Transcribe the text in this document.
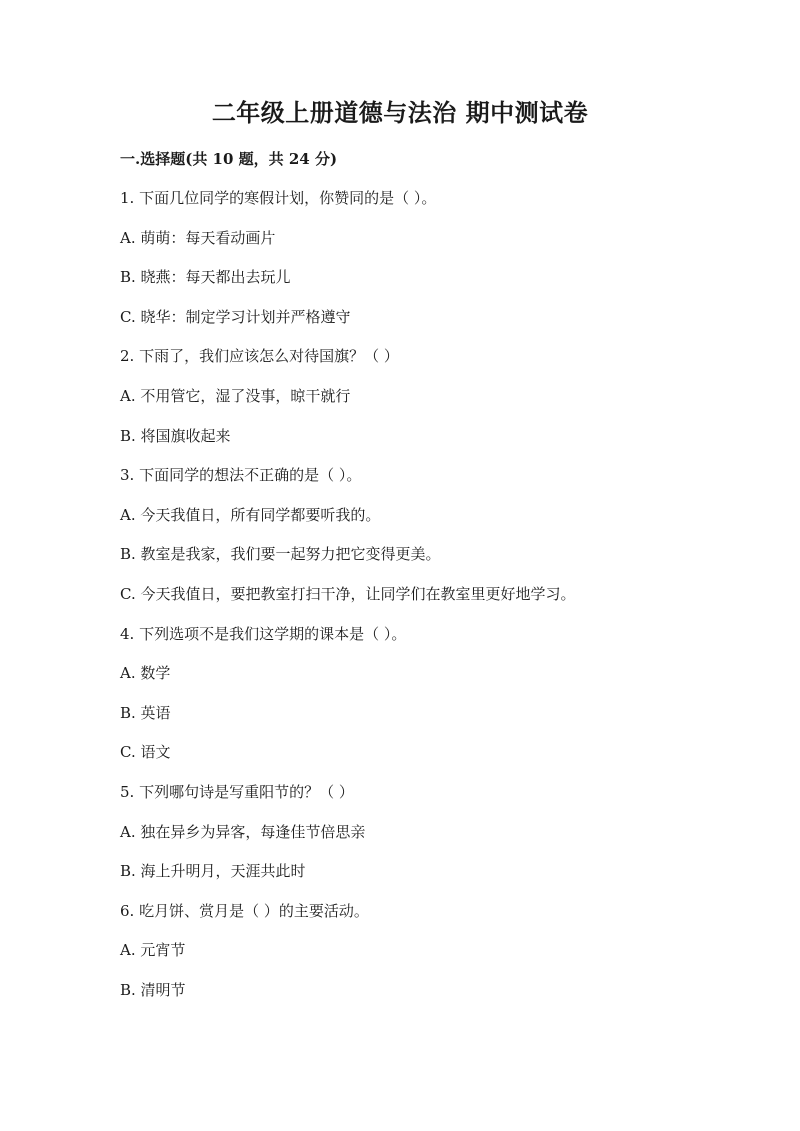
二年级上册道德与法治 期中测试卷
一.选择题(共 10 题，共 24 分)
1. 下面几位同学的寒假计划，你赞同的是（ ）。
A. 萌萌：每天看动画片
B. 晓燕：每天都出去玩儿
C. 晓华：制定学习计划并严格遵守
2. 下雨了，我们应该怎么对待国旗？（ ）
A. 不用管它，湿了没事，晾干就行
B. 将国旗收起来
3. 下面同学的想法不正确的是（ ）。
A. 今天我值日，所有同学都要听我的。
B. 教室是我家，我们要一起努力把它变得更美。
C. 今天我值日，要把教室打扫干净，让同学们在教室里更好地学习。
4. 下列选项不是我们这学期的课本是（ ）。
A. 数学
B. 英语
C. 语文
5. 下列哪句诗是写重阳节的？（ ）
A. 独在异乡为异客，每逢佳节倍思亲
B. 海上升明月，天涯共此时
6. 吃月饼、赏月是（ ）的主要活动。
A. 元宵节
B. 清明节
